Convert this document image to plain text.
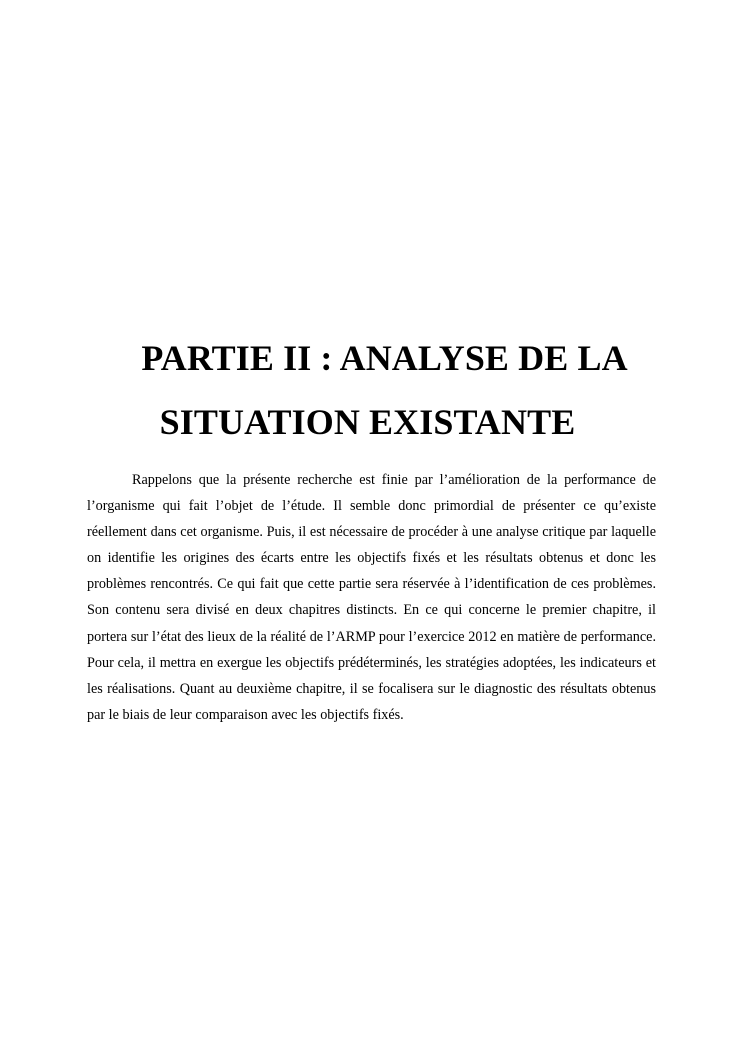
PARTIE II : ANALYSE DE LA
SITUATION EXISTANTE

Rappelons que la présente recherche est finie par l’amélioration de la performance de l’organisme qui fait l’objet de l’étude. Il semble donc primordial de présenter ce qu’existe réellement dans cet organisme. Puis, il est nécessaire de procéder à une analyse critique par laquelle on identifie les origines des écarts entre les objectifs fixés et les résultats obtenus et donc les problèmes rencontrés. Ce qui fait que cette partie sera réservée à l’identification de ces problèmes. Son contenu sera divisé en deux chapitres distincts. En ce qui concerne le premier chapitre, il portera sur l’état des lieux de la réalité de l’ARMP pour l’exercice 2012 en matière de performance. Pour cela, il mettra en exergue les objectifs prédéterminés, les stratégies adoptées, les indicateurs et les réalisations. Quant au deuxième chapitre, il se focalisera sur le diagnostic des résultats obtenus par le biais de leur comparaison avec les objectifs fixés.
